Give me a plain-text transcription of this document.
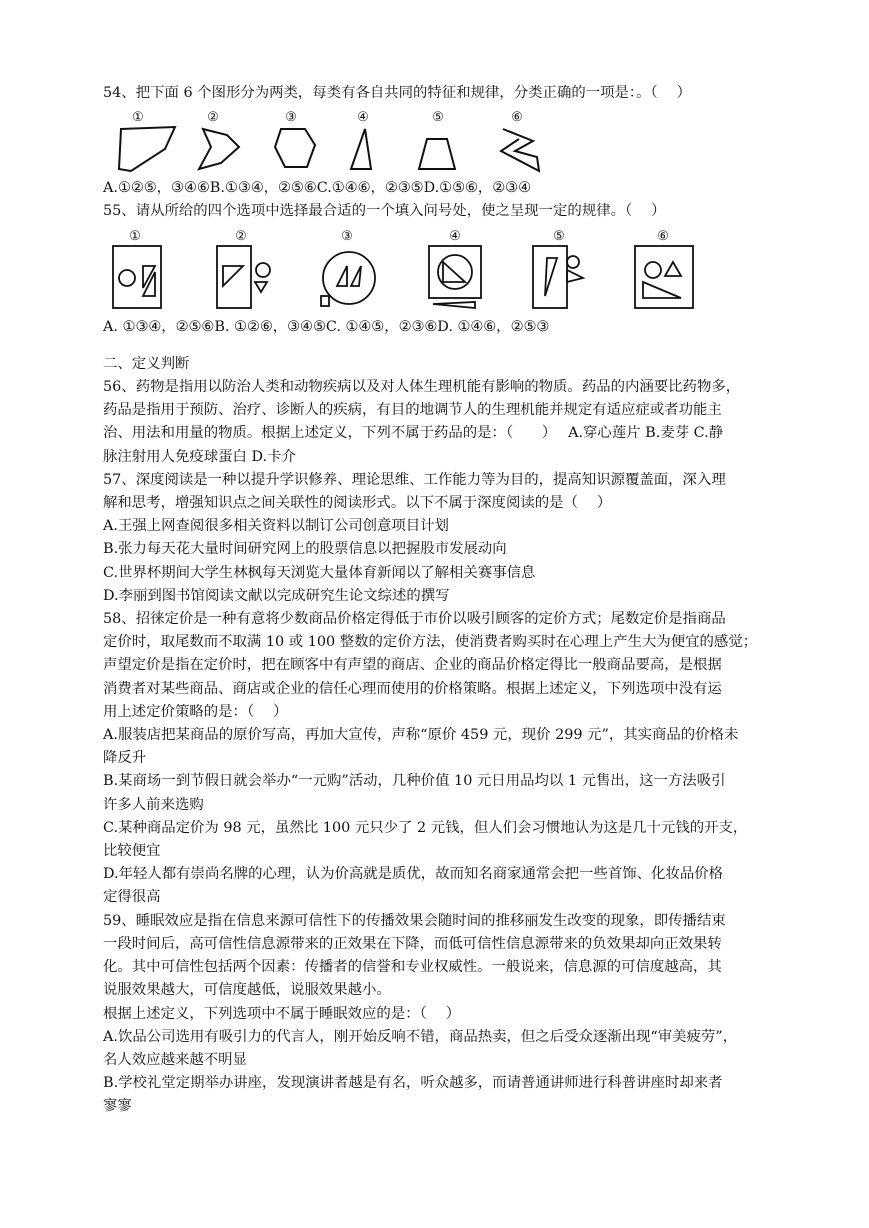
54、把下面 6 个图形分为两类，每类有各自共同的特征和规律，分类正确的一项是：。（　 ）
①	②	③	④	⑤	⑥
A.①②⑤，③④⑥B.①③④，②⑤⑥C.①④⑥，②③⑤D.①⑤⑥，②③④
55、请从所给的四个选项中选择最合适的一个填入问号处，使之呈现一定的规律。（　 ）
①	②	③	④	⑤	⑥
A. ①③④，②⑤⑥B. ①②⑥，③④⑤C. ①④⑤，②③⑥D. ①④⑥，②⑤③
二、定义判断
56、药物是指用以防治人类和动物疾病以及对人体生理机能有影响的物质。药品的内涵要比药物多，
药品是指用于预防、治疗、诊断人的疾病，有目的地调节人的生理机能并规定有适应症或者功能主
治、用法和用量的物质。根据上述定义，下列不属于药品的是：（　　）　 A.穿心莲片 B.麦芽 C.静
脉注射用人免疫球蛋白 D.卡介
57、深度阅读是一种以提升学识修养、理论思维、工作能力等为目的，提高知识源覆盖面，深入理
解和思考，增强知识点之间关联性的阅读形式。以下不属于深度阅读的是（　 ）
A.王强上网查阅很多相关资料以制订公司创意项目计划
B.张力每天花大量时间研究网上的股票信息以把握股市发展动向
C.世界杯期间大学生林枫每天浏览大量体育新闻以了解相关赛事信息
D.李丽到图书馆阅读文献以完成研究生论文综述的撰写
58、招徕定价是一种有意将少数商品价格定得低于市价以吸引顾客的定价方式；尾数定价是指商品
定价时，取尾数而不取满 10 或 100 整数的定价方法，使消费者购买时在心理上产生大为便宜的感觉；
声望定价是指在定价时，把在顾客中有声望的商店、企业的商品价格定得比一般商品要高，是根据
消费者对某些商品、商店或企业的信任心理而使用的价格策略。根据上述定义，下列选项中没有运
用上述定价策略的是：（　 ）
A.服装店把某商品的原价写高，再加大宣传，声称“原价 459 元，现价 299 元”，其实商品的价格未
降反升
B.某商场一到节假日就会举办“一元购”活动，几种价值 10 元日用品均以 1 元售出，这一方法吸引
许多人前来选购
C.某种商品定价为 98 元，虽然比 100 元只少了 2 元钱，但人们会习惯地认为这是几十元钱的开支，
比较便宜
D.年轻人都有崇尚名牌的心理，认为价高就是质优，故而知名商家通常会把一些首饰、化妆品价格
定得很高
59、睡眠效应是指在信息来源可信性下的传播效果会随时间的推移丽发生改变的现象，即传播结束
一段时间后，高可信性信息源带来的正效果在下降，而低可信性信息源带来的负效果却向正效果转
化。其中可信性包括两个因素：传播者的信誉和专业权威性。一般说来，信息源的可信度越高，其
说服效果越大，可信度越低，说服效果越小。
根据上述定义，下列选项中不属于睡眠效应的是：（　 ）
A.饮品公司选用有吸引力的代言人，刚开始反响不错，商品热卖，但之后受众逐渐出现“审美疲劳”，
名人效应越来越不明显
B.学校礼堂定期举办讲座，发现演讲者越是有名，听众越多，而请普通讲师进行科普讲座时却来者
寥寥
